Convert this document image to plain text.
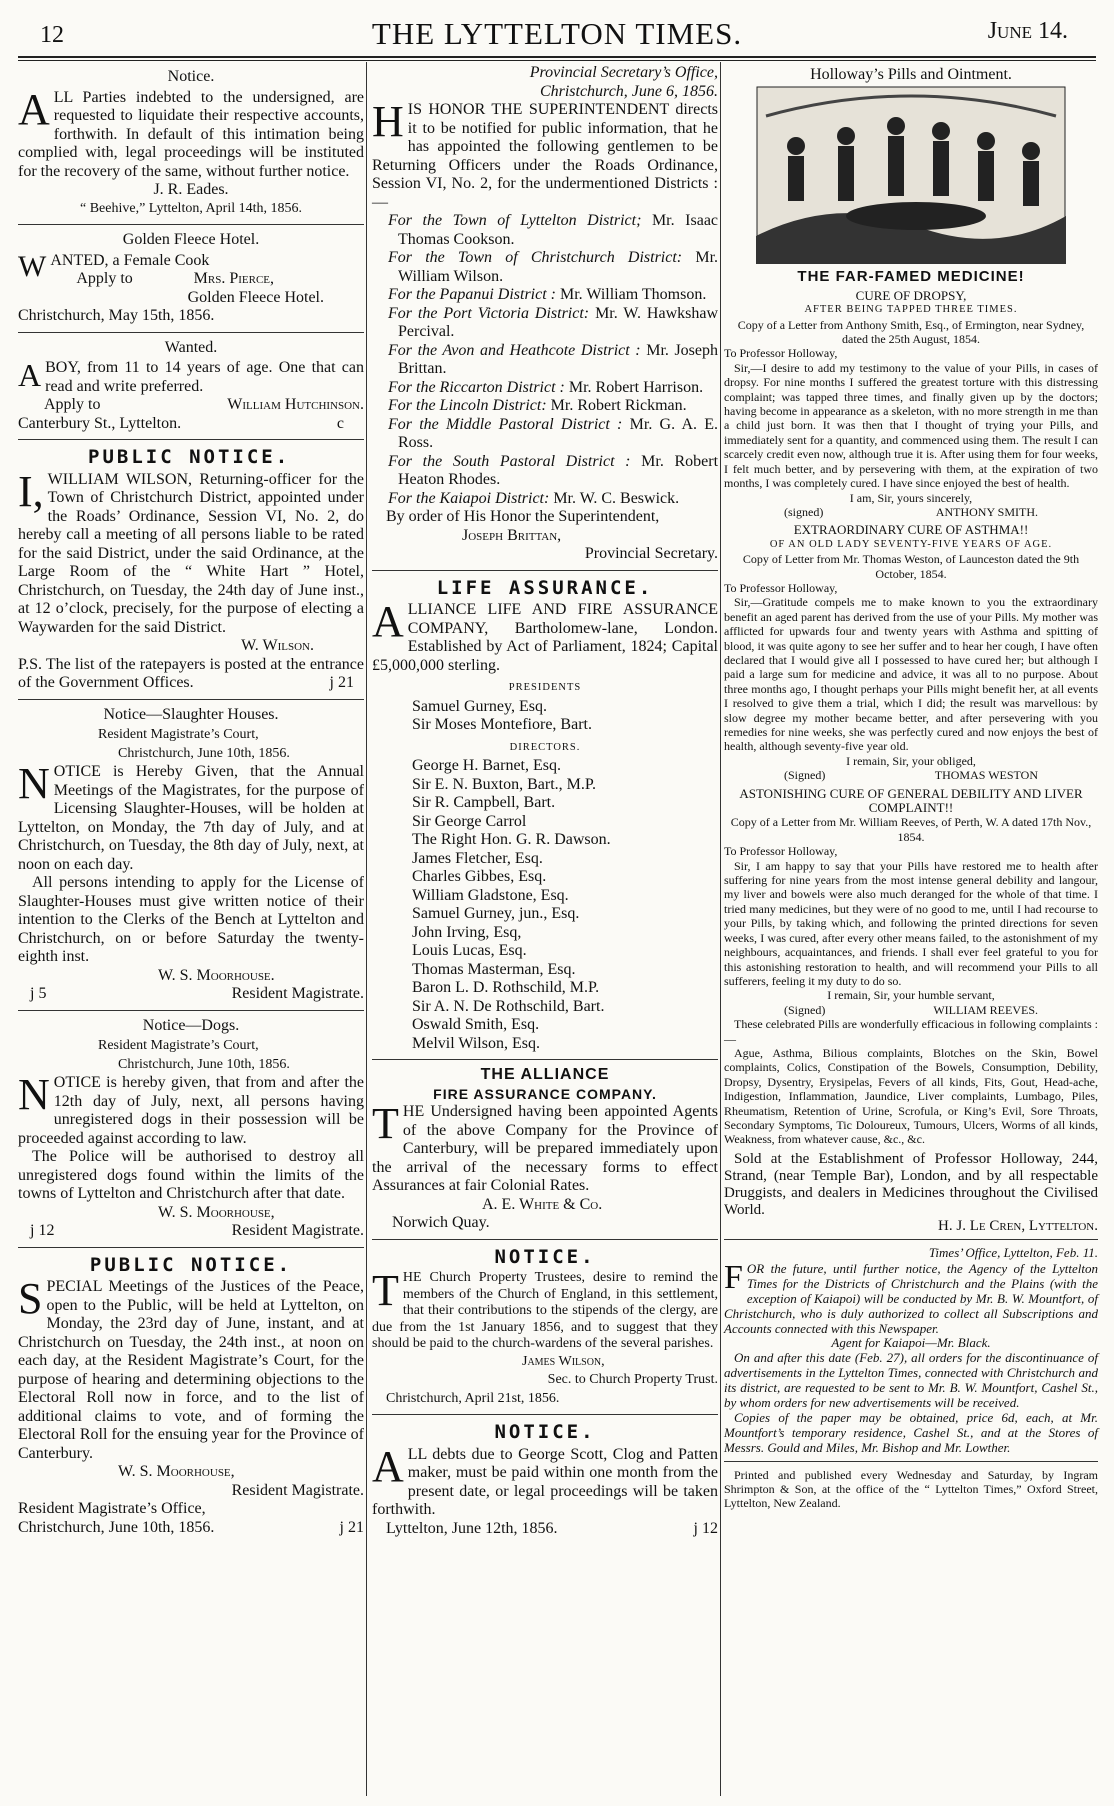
12	THE LYTTELTON TIMES.	June 14.
Notice.

ALL Parties indebted to the undersigned, are requested to liquidate their respective accounts, forthwith. In default of this intimation being complied with, legal proceedings will be instituted for the recovery of the same, without further notice.

J. R. Eades.
“ Beehive,” Lyttelton, April 14th, 1856.
Golden Fleece Hotel.

WANTED, a Female Cook

Apply to	Mrs. Pierce,
Golden Fleece Hotel.
Christchurch, May 15th, 1856.
Wanted.

ABOY, from 11 to 14 years of age. One that can read and write preferred.

Apply to	William Hutchinson.
Canterbury St., Lyttelton.	c
PUBLIC NOTICE.

I, WILLIAM WILSON, Returning-officer for the Town of Christchurch District, appointed under the Roads’ Ordinance, Session VI, No. 2, do hereby call a meeting of all persons liable to be rated for the said District, under the said Ordinance, at the Large Room of the “ White Hart ” Hotel, Christchurch, on Tuesday, the 24th day of June inst., at 12 o’clock, precisely, for the purpose of electing a Waywarden for the said District.

W. Wilson.

P.S. The list of the ratepayers is posted at the entrance of the Government Offices.	j 21

Notice—Slaughter Houses.
Resident Magistrate’s Court,
Christchurch, June 10th, 1856.

NOTICE is Hereby Given, that the Annual Meetings of the Magistrates, for the purpose of Licensing Slaughter-Houses, will be holden at Lyttelton, on Monday, the 7th day of July, and at Christchurch, on Tuesday, the 8th day of July, next, at noon on each day.

All persons intending to apply for the License of Slaughter-Houses must give written notice of their intention to the Clerks of the Bench at Lyttelton and Christchurch, on or before Saturday the twenty-eighth inst.

W. S. Moorhouse.
j 5	Resident Magistrate.
Notice—Dogs.
Resident Magistrate’s Court,
Christchurch, June 10th, 1856.

NOTICE is hereby given, that from and after the 12th day of July, next, all persons having unregistered dogs in their possession will be proceeded against according to law.

The Police will be authorised to destroy all unregistered dogs found within the limits of the towns of Lyttelton and Christchurch after that date.

W. S. Moorhouse,
j 12	Resident Magistrate.
PUBLIC NOTICE.

SPECIAL Meetings of the Justices of the Peace, open to the Public, will be held at Lyttelton, on Monday, the 23rd day of June, instant, and at Christchurch on Tuesday, the 24th inst., at noon on each day, at the Resident Magistrate’s Court, for the purpose of hearing and determining objections to the Electoral Roll now in force, and to the list of additional claims to vote, and of forming the Electoral Roll for the ensuing year for the Province of Canterbury.

W. S. Moorhouse,
Resident Magistrate.
Resident Magistrate’s Office,
Christchurch, June 10th, 1856.	j 21
Provincial Secretary’s Office,
Christchurch, June 6, 1856.

HIS HONOR THE SUPERINTENDENT directs it to be notified for public information, that he has appointed the following gentlemen to be Returning Officers under the Roads Ordinance, Session VI, No. 2, for the undermentioned Districts :—

For the Town of Lyttelton District; Mr. Isaac Thomas Cookson.

For the Town of Christchurch District: Mr. William Wilson.

For the Papanui District : Mr. William Thomson.

For the Port Victoria District: Mr. W. Hawkshaw Percival.

For the Avon and Heathcote District : Mr. Joseph Brittan.

For the Riccarton District : Mr. Robert Harrison.

For the Lincoln District: Mr. Robert Rickman.

For the Middle Pastoral District : Mr. G. A. E. Ross.

For the South Pastoral District : Mr. Robert Heaton Rhodes.

For the Kaiapoi District: Mr. W. C. Beswick.

By order of His Honor the Superintendent,

Joseph Brittan,
Provincial Secretary.
LIFE ASSURANCE.

ALLIANCE LIFE AND FIRE ASSURANCE COMPANY, Bartholomew-lane, London. Established by Act of Parliament, 1824; Capital £5,000,000 sterling.

PRESIDENTS
Samuel Gurney, Esq.
Sir Moses Montefiore, Bart.
DIRECTORS.
George H. Barnet, Esq.
Sir E. N. Buxton, Bart., M.P.
Sir R. Campbell, Bart.
Sir George Carrol
The Right Hon. G. R. Dawson.
James Fletcher, Esq.
Charles Gibbes, Esq.
William Gladstone, Esq.
Samuel Gurney, jun., Esq.
John Irving, Esq,
Louis Lucas, Esq.
Thomas Masterman, Esq.
Baron L. D. Rothschild, M.P.
Sir A. N. De Rothschild, Bart.
Oswald Smith, Esq.
Melvil Wilson, Esq.
THE ALLIANCE
FIRE ASSURANCE COMPANY.

THE Undersigned having been appointed Agents of the above Company for the Province of Canterbury, will be prepared immediately upon the arrival of the necessary forms to effect Assurances at fair Colonial Rates.

A. E. White & Co.
Norwich Quay.
NOTICE.

THE Church Property Trustees, desire to remind the members of the Church of England, in this settlement, that their contributions to the stipends of the clergy, are due from the 1st January 1856, and to suggest that they should be paid to the church-wardens of the several parishes.

James Wilson,
Sec. to Church Property Trust.
Christchurch, April 21st, 1856.
NOTICE.

ALL debts due to George Scott, Clog and Patten maker, must be paid within one month from the present date, or legal proceedings will be taken forthwith.

Lyttelton, June 12th, 1856.	j 12
Holloway’s Pills and Ointment.
THE FAR-FAMED MEDICINE!
CURE OF DROPSY,
AFTER BEING TAPPED THREE TIMES.
Copy of a Letter from Anthony Smith, Esq., of Ermington, near Sydney, dated the 25th August, 1854.
To Professor Holloway,

Sir,—I desire to add my testimony to the value of your Pills, in cases of dropsy. For nine months I suffered the greatest torture with this distressing complaint; was tapped three times, and finally given up by the doctors; having become in appearance as a skeleton, with no more strength in me than a child just born. It was then that I thought of trying your Pills, and immediately sent for a quantity, and commenced using them. The result I can scarcely credit even now, although true it is. After using them for four weeks, I felt much better, and by persevering with them, at the expiration of two months, I was completely cured. I have since enjoyed the best of health.

I am, Sir, yours sincerely,
(signed)	ANTHONY SMITH.
EXTRAORDINARY CURE OF ASTHMA!!
OF AN OLD LADY SEVENTY-FIVE YEARS OF AGE.
Copy of Letter from Mr. Thomas Weston, of Launceston dated the 9th October, 1854.
To Professor Holloway,

Sir,—Gratitude compels me to make known to you the extraordinary benefit an aged parent has derived from the use of your Pills. My mother was afflicted for upwards four and twenty years with Asthma and spitting of blood, it was quite agony to see her suffer and to hear her cough, I have often declared that I would give all I possessed to have cured her; but although I paid a large sum for medicine and advice, it was all to no purpose. About three months ago, I thought perhaps your Pills might benefit her, at all events I resolved to give them a trial, which I did; the result was marvellous: by slow degree my mother became better, and after persevering with you remedies for nine weeks, she was perfectly cured and now enjoys the best of health, although seventy-five year old.

I remain, Sir, your obliged,
(Signed)	THOMAS WESTON
ASTONISHING CURE OF GENERAL DEBILITY AND LIVER COMPLAINT!!
Copy of a Letter from Mr. William Reeves, of Perth, W. A dated 17th Nov., 1854.
To Professor Holloway,

Sir, I am happy to say that your Pills have restored me to health after suffering for nine years from the most intense general debility and langour, my liver and bowels were also much deranged for the whole of that time. I tried many medicines, but they were of no good to me, until I had recourse to your Pills, by taking which, and following the printed directions for seven weeks, I was cured, after every other means failed, to the astonishment of my neighbours, acquaintances, and friends. I shall ever feel grateful to you for this astonishing restoration to health, and will recommend your Pills to all sufferers, feeling it my duty to do so.

I remain, Sir, your humble servant,
(Signed)	WILLIAM REEVES.

These celebrated Pills are wonderfully efficacious in following complaints :—

Ague, Asthma, Bilious complaints, Blotches on the Skin, Bowel complaints, Colics, Constipation of the Bowels, Consumption, Debility, Dropsy, Dysentry, Erysipelas, Fevers of all kinds, Fits, Gout, Head-ache, Indigestion, Inflammation, Jaundice, Liver complaints, Lumbago, Piles, Rheumatism, Retention of Urine, Scrofula, or King’s Evil, Sore Throats, Secondary Symptoms, Tic Doloureux, Tumours, Ulcers, Worms of all kinds, Weakness, from whatever cause, &c., &c.

Sold at the Establishment of Professor Holloway, 244, Strand, (near Temple Bar), London, and by all respectable Druggists, and dealers in Medicines throughout the Civilised World.

H. J. Le Cren, Lyttelton.
Times’ Office, Lyttelton, Feb. 11.

FOR the future, until further notice, the Agency of the Lyttelton Times for the Districts of Christchurch and the Plains (with the exception of Kaiapoi) will be conducted by Mr. B. W. Mountfort, of Christchurch, who is duly authorized to collect all Subscriptions and Accounts connected with this Newspaper.

Agent for Kaiapoi—Mr. Black.

On and after this date (Feb. 27), all orders for the discontinuance of advertisements in the Lyttelton Times, connected with Christchurch and its district, are requested to be sent to Mr. B. W. Mountfort, Cashel St., by whom orders for new advertisements will be received.

Copies of the paper may be obtained, price 6d, each, at Mr. Mountfort’s temporary residence, Cashel St., and at the Stores of Messrs. Gould and Miles, Mr. Bishop and Mr. Lowther.

Printed and published every Wednesday and Saturday, by Ingram Shrimpton & Son, at the office of the “ Lyttelton Times,” Oxford Street, Lyttelton, New Zealand.
